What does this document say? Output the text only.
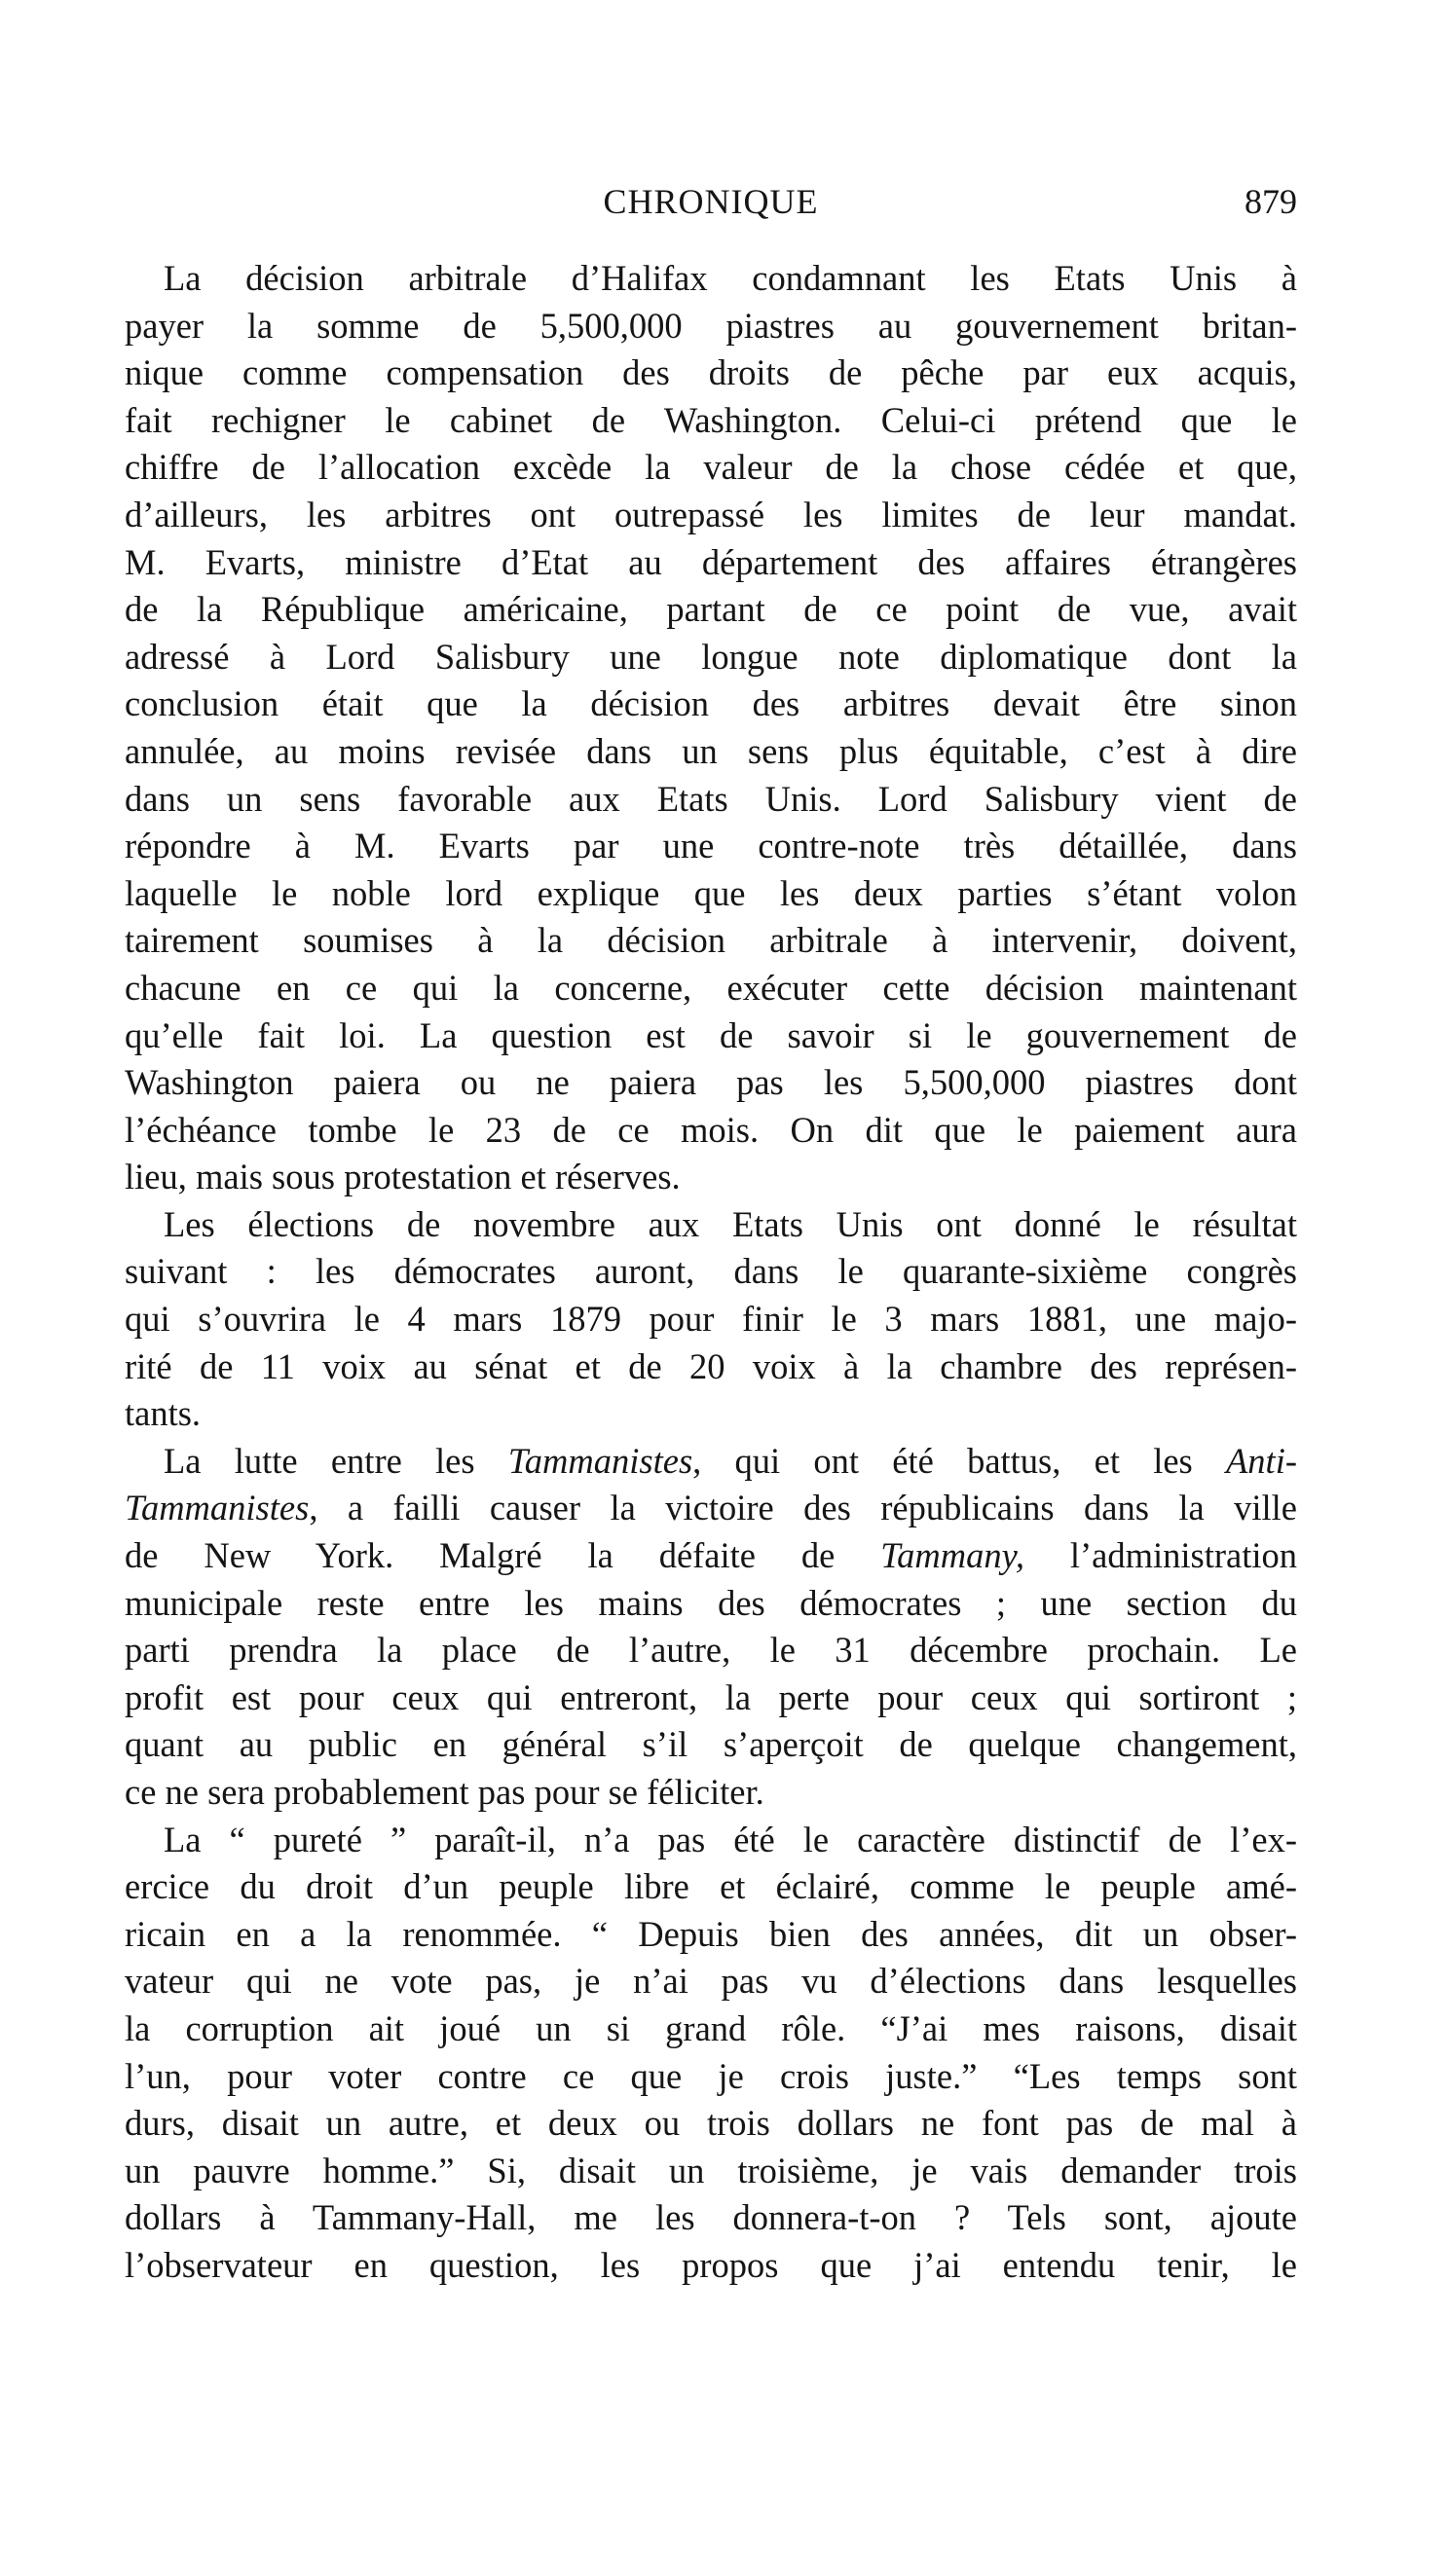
CHRONIQUE	879
La décision arbitrale d’Halifax condamnant les Etats Unis à
payer la somme de 5,500,000 piastres au gouvernement britan-
nique comme compensation des droits de pêche par eux acquis,
fait rechigner le cabinet de Washington. Celui-ci prétend que le
chiffre de l’allocation excède la valeur de la chose cédée et que,
d’ailleurs, les arbitres ont outrepassé les limites de leur mandat.
M. Evarts, ministre d’Etat au département des affaires étrangères
de la République américaine, partant de ce point de vue, avait
adressé à Lord Salisbury une longue note diplomatique dont la
conclusion était que la décision des arbitres devait être sinon
annulée, au moins revisée dans un sens plus équitable, c’est à dire
dans un sens favorable aux Etats Unis. Lord Salisbury vient de
répondre à M. Evarts par une contre-note très détaillée, dans
laquelle le noble lord explique que les deux parties s’étant volon
tairement soumises à la décision arbitrale à intervenir, doivent,
chacune en ce qui la concerne, exécuter cette décision maintenant
qu’elle fait loi. La question est de savoir si le gouvernement de
Washington paiera ou ne paiera pas les 5,500,000 piastres dont
l’échéance tombe le 23 de ce mois. On dit que le paiement aura
lieu, mais sous protestation et réserves.
Les élections de novembre aux Etats Unis ont donné le résultat
suivant : les démocrates auront, dans le quarante-sixième congrès
qui s’ouvrira le 4 mars 1879 pour finir le 3 mars 1881, une majo-
rité de 11 voix au sénat et de 20 voix à la chambre des représen-
tants.
La lutte entre les Tammanistes, qui ont été battus, et les Anti-
Tammanistes, a failli causer la victoire des républicains dans la ville
de New York. Malgré la défaite de Tammany, l’administration
municipale reste entre les mains des démocrates ; une section du
parti prendra la place de l’autre, le 31 décembre prochain. Le
profit est pour ceux qui entreront, la perte pour ceux qui sortiront ;
quant au public en général s’il s’aperçoit de quelque changement,
ce ne sera probablement pas pour se féliciter.
La “ pureté ” paraît-il, n’a pas été le caractère distinctif de l’ex-
ercice du droit d’un peuple libre et éclairé, comme le peuple amé-
ricain en a la renommée. “ Depuis bien des années, dit un obser-
vateur qui ne vote pas, je n’ai pas vu d’élections dans lesquelles
la corruption ait joué un si grand rôle. “J’ai mes raisons, disait
l’un, pour voter contre ce que je crois juste.” “Les temps sont
durs, disait un autre, et deux ou trois dollars ne font pas de mal à
un pauvre homme.” Si, disait un troisième, je vais demander trois
dollars à Tammany-Hall, me les donnera-t-on ? Tels sont, ajoute
l’observateur en question, les propos que j’ai entendu tenir, le
